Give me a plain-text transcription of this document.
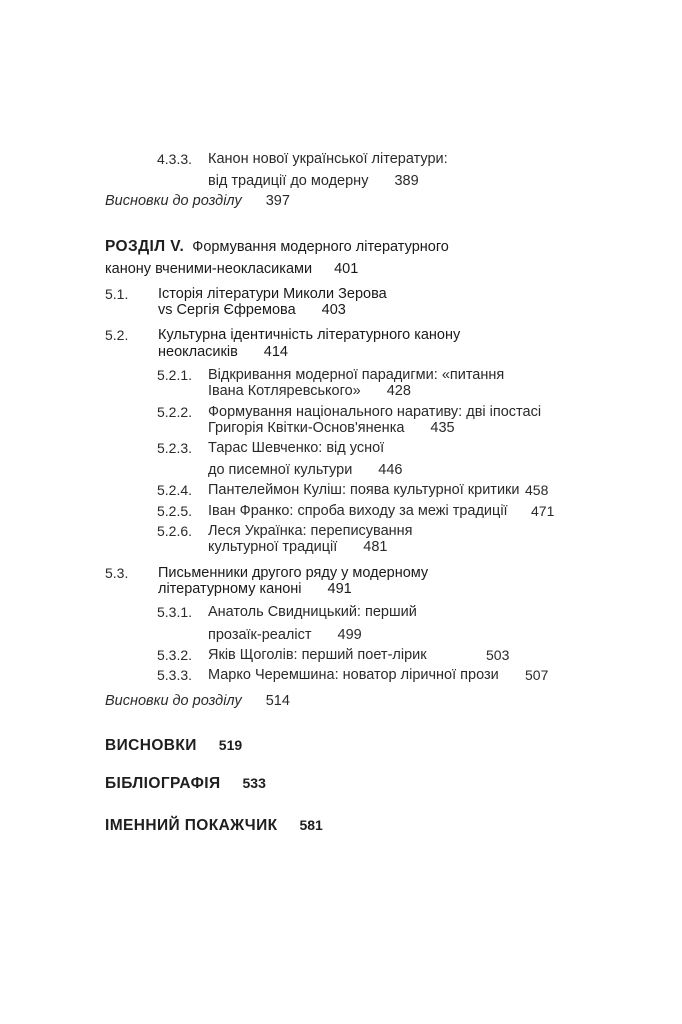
4.3.3. Канон нової української літератури:
від традиції до модерну 389
Висновки до розділу 397
РОЗДІЛ V. Формування модерного літературного
канону вченими-неокласиками 401
5.1. Історія літератури Миколи Зерова
vs Сергія Єфремова 403
5.2. Культурна ідентичність літературного канону
неокласиків 414
5.2.1. Відкривання модерної парадигми: «питання
Івана Котляревського» 428
5.2.2. Формування національного наративу: дві іпостасі
Григорія Квітки-Основ'яненка 435
5.2.3. Тарас Шевченко: від усної
до писемної культури 446
5.2.4. Пантелеймон Куліш: поява культурної критики 458
5.2.5. Іван Франко: спроба виходу за межі традиції 471
5.2.6. Леся Українка: переписування
культурної традиції 481
5.3. Письменники другого ряду у модерному
літературному каноні 491
5.3.1. Анатоль Свидницький: перший
прозаїк-реаліст 499
5.3.2. Яків Щоголів: перший поет-лірик	503
5.3.3. Марко Черемшина: новатор ліричної прози 507
Висновки до розділу 514
ВИСНОВКИ 519
БІБЛІОГРАФІЯ 533
ІМЕННИЙ ПОКАЖЧИК 581
